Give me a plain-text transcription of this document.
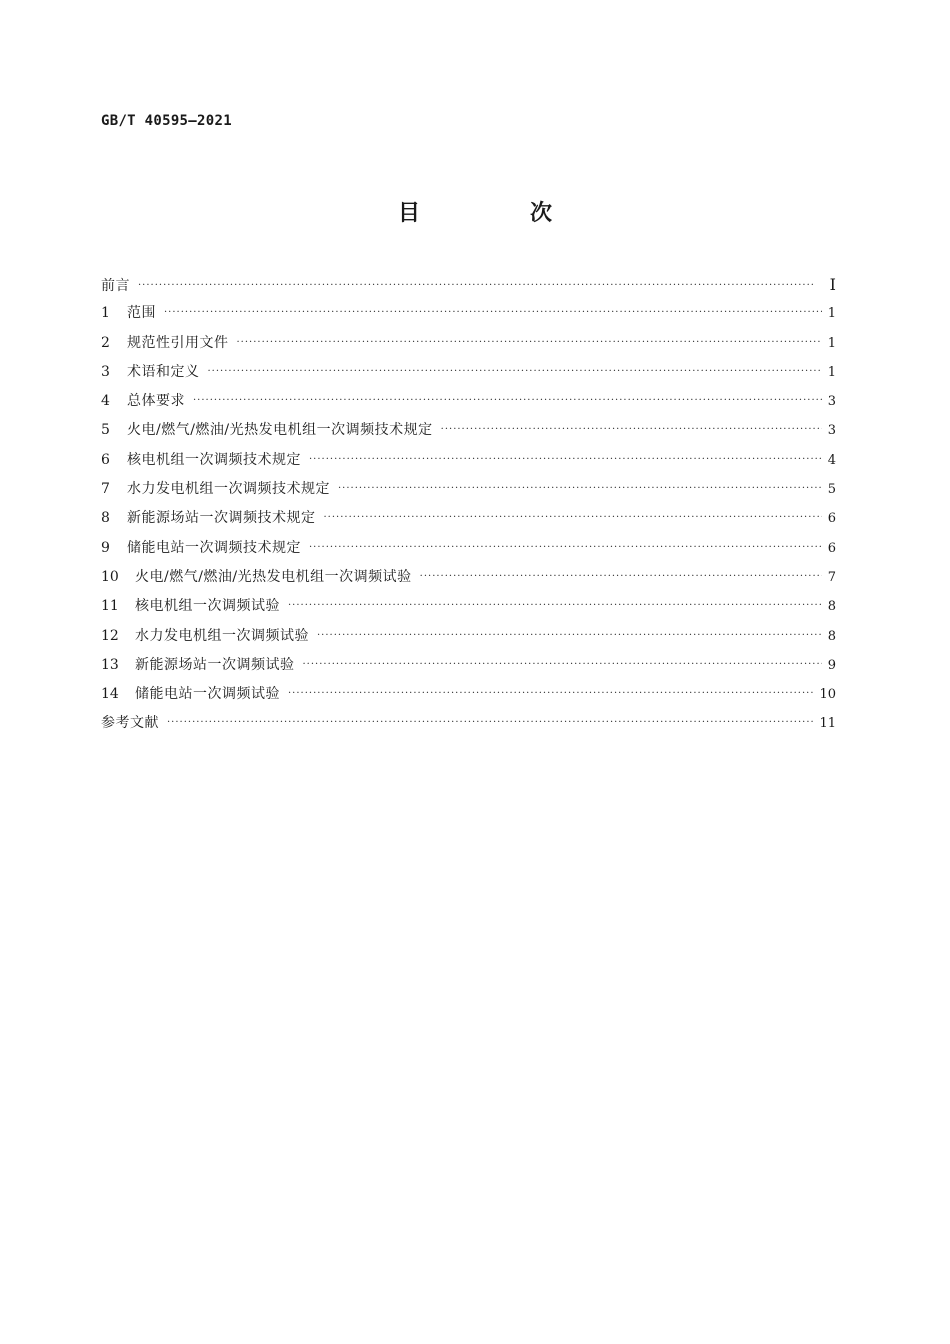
GB/T 40595—2021
目　次
前言 ·····	Ⅰ
1	范围 ·····	1
2	规范性引用文件 ·····	1
3	术语和定义 ·····	1
4	总体要求 ·····	3
5	火电/燃气/燃油/光热发电机组一次调频技术规定 ·····	3
6	核电机组一次调频技术规定 ·····	4
7	水力发电机组一次调频技术规定 ·····	5
8	新能源场站一次调频技术规定 ·····	6
9	储能电站一次调频技术规定 ·····	6
10	火电/燃气/燃油/光热发电机组一次调频试验 ·····	7
11	核电机组一次调频试验 ·····	8
12	水力发电机组一次调频试验 ·····	8
13	新能源场站一次调频试验 ·····	9
14	储能电站一次调频试验 ·····	10
参考文献 ·····	11
